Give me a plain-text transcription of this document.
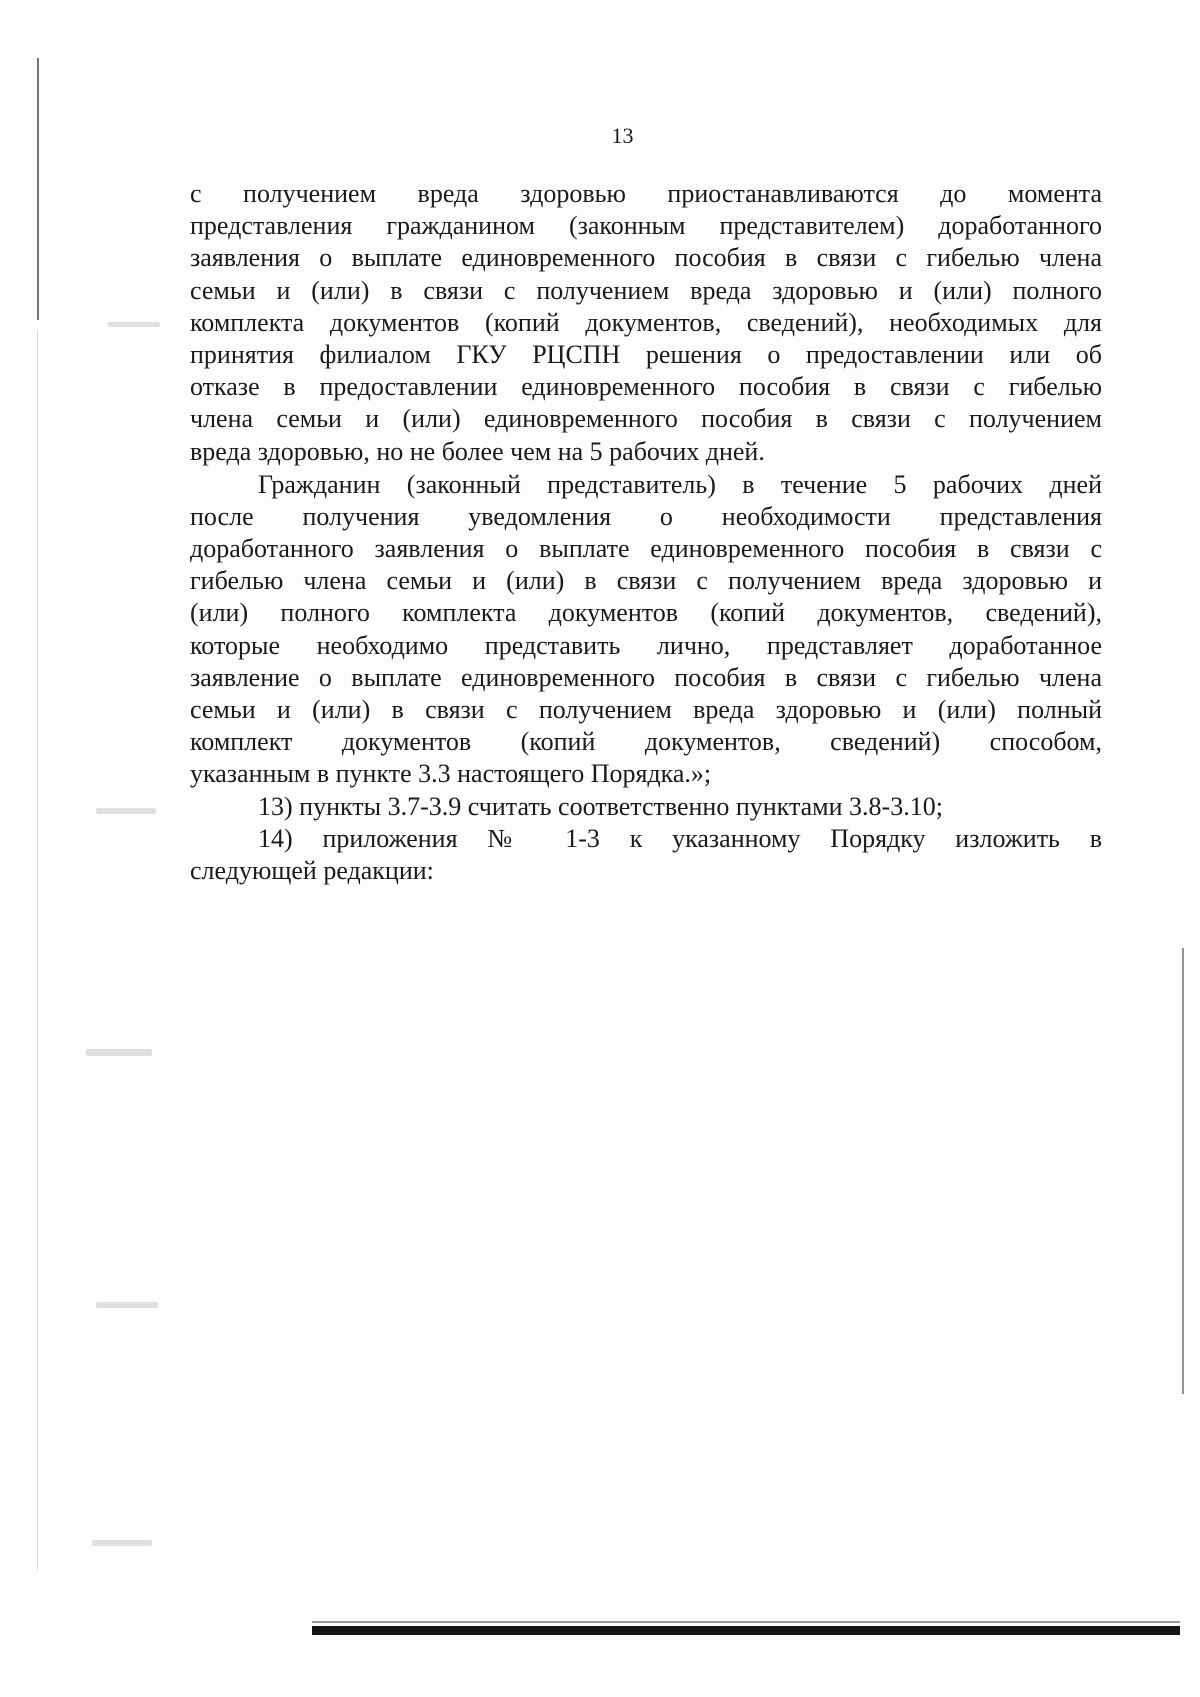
13
с получением вреда здоровью приостанавливаются до момента
представления гражданином (законным представителем) доработанного
заявления о выплате единовременного пособия в связи с гибелью члена
семьи и (или) в связи с получением вреда здоровью и (или) полного
комплекта документов (копий документов, сведений), необходимых для
принятия филиалом ГКУ РЦСПН решения о предоставлении или об
отказе в предоставлении единовременного пособия в связи с гибелью
члена семьи и (или) единовременного пособия в связи с получением
вреда здоровью, но не более чем на 5 рабочих дней.
Гражданин (законный представитель) в течение 5 рабочих дней
после получения уведомления о необходимости представления
доработанного заявления о выплате единовременного пособия в связи с
гибелью члена семьи и (или) в связи с получением вреда здоровью и
(или) полного комплекта документов (копий документов, сведений),
которые необходимо представить лично, представляет доработанное
заявление о выплате единовременного пособия в связи с гибелью члена
семьи и (или) в связи с получением вреда здоровью и (или) полный
комплект документов (копий документов, сведений) способом,
указанным в пункте 3.3 настоящего Порядка.»;
13) пункты 3.7-3.9 считать соответственно пунктами 3.8-3.10;
14) приложения № 1-3 к указанному Порядку изложить в
следующей редакции:
